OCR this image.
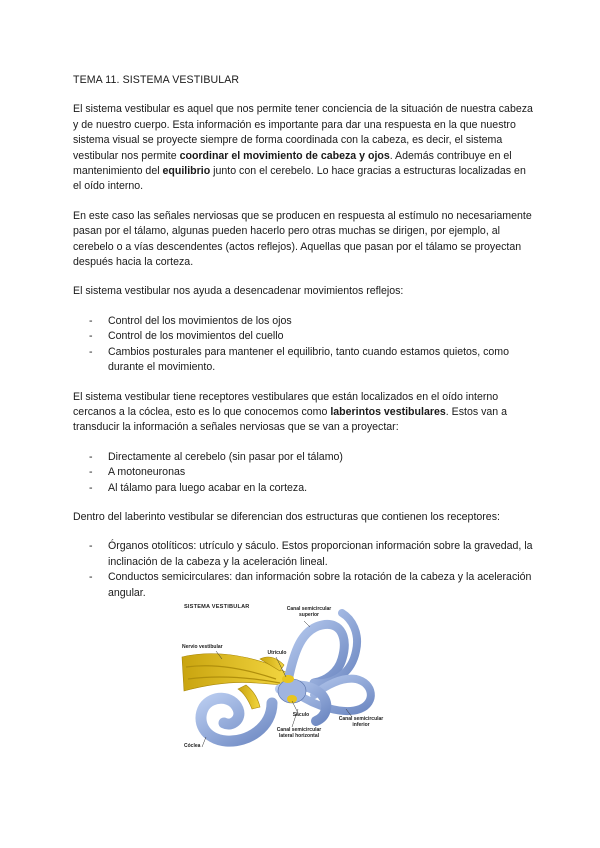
TEMA 11. SISTEMA VESTIBULAR

El sistema vestibular es aquel que nos permite tener conciencia de la situación de nuestra cabeza y de nuestro cuerpo. Esta información es importante para dar una respuesta en la que nuestro sistema visual se proyecte siempre de forma coordinada con la cabeza, es decir, el sistema vestibular nos permite coordinar el movimiento de cabeza y ojos. Además contribuye en el mantenimiento del equilibrio junto con el cerebelo. Lo hace gracias a estructuras localizadas en el oído interno.

En este caso las señales nerviosas que se producen en respuesta al estímulo no necesariamente pasan por el tálamo, algunas pueden hacerlo pero otras muchas se dirigen, por ejemplo, al cerebelo o a vías descendentes (actos reflejos). Aquellas que pasan por el tálamo se proyectan después hacia la corteza.

El sistema vestibular nos ayuda a desencadenar movimientos reflejos:

- Control del los movimientos de los ojos
- Control de los movimientos del cuello
- Cambios posturales para mantener el equilibrio, tanto cuando estamos quietos, como durante el movimiento.

El sistema vestibular tiene receptores vestibulares que están localizados en el oído interno cercanos a la cóclea, esto es lo que conocemos como laberintos vestibulares. Estos van a transducir la información a señales nerviosas que se van a proyectar:

- Directamente al cerebelo (sin pasar por el tálamo)
- A motoneuronas
- Al tálamo para luego acabar en la corteza.

Dentro del laberinto vestibular se diferencian dos estructuras que contienen los receptores:

- Órganos otolíticos: utrículo y sáculo. Estos proporcionan información sobre la gravedad, la inclinación de la cabeza y la aceleración lineal.
- Conductos semicirculares: dan información sobre la rotación de la cabeza y la aceleración angular.
SISTEMA VESTIBULAR
Nervio vestibular
Canal semicircular superior
Utrículo
Sáculo
Canal semicircular inferior
Canal semicircular lateral horizontal
Cóclea
